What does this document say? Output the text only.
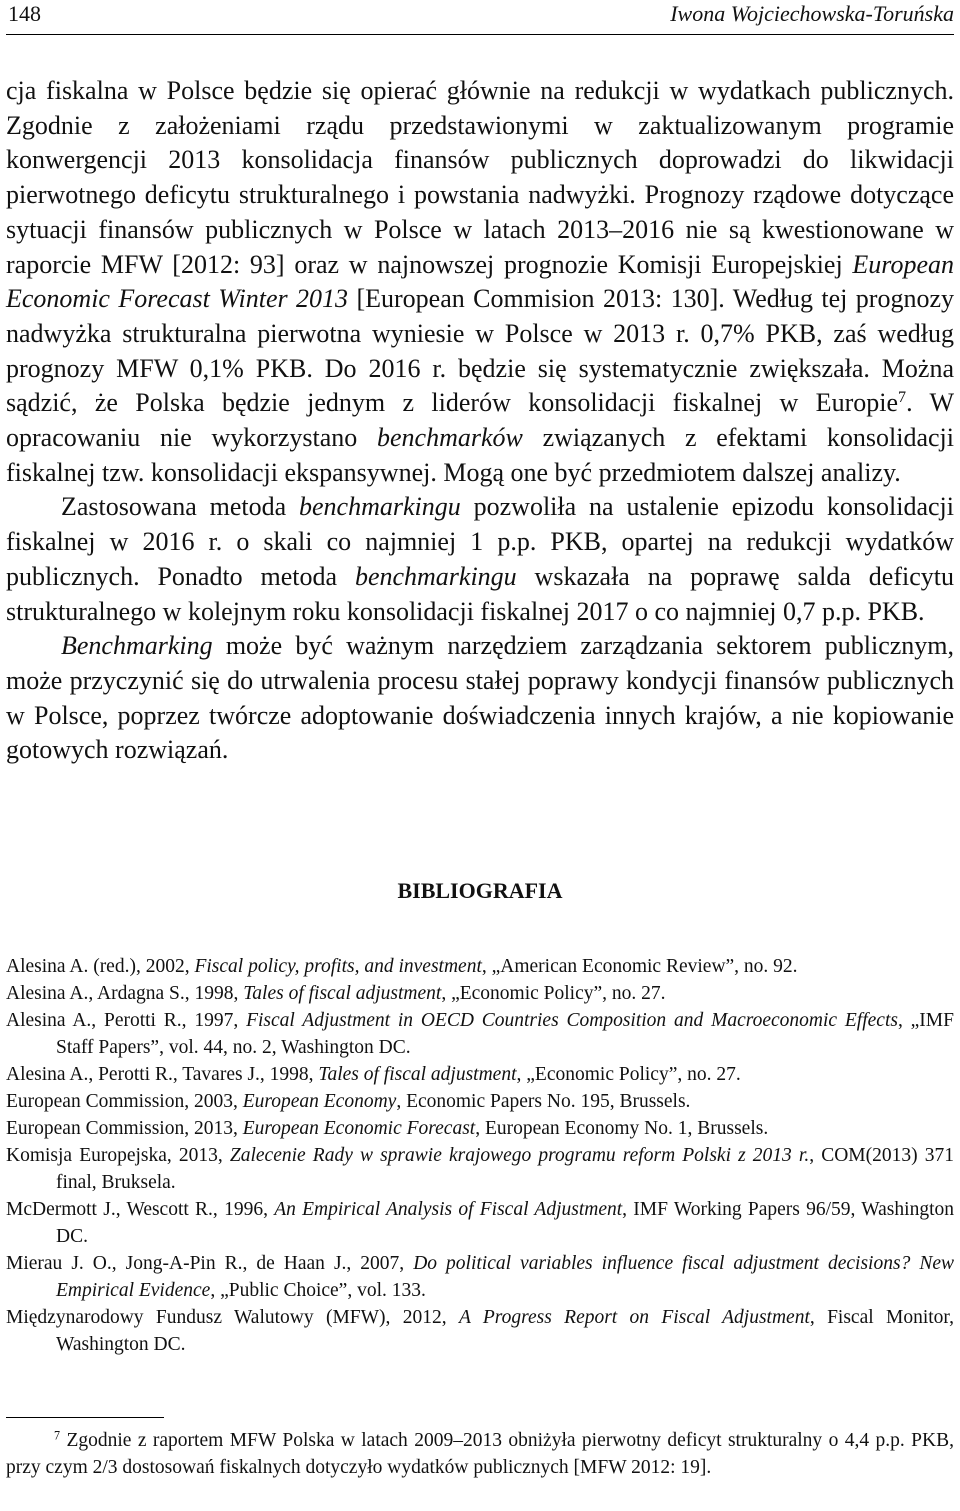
148	Iwona Wojciechowska-Toruńska

cja fiskalna w Polsce będzie się opierać głównie na redukcji w wydatkach publicznych. Zgodnie z założeniami rządu przedstawionymi w zaktualizowanym programie konwergencji 2013 konsolidacja finansów publicznych doprowadzi do likwidacji pierwotnego deficytu strukturalnego i powstania nadwyżki. Prognozy rządowe dotyczące sytuacji finansów publicznych w Polsce w latach 2013–2016 nie są kwestionowane w raporcie MFW [2012: 93] oraz w najnowszej prognozie Komisji Europejskiej European Economic Forecast Winter 2013 [European Commision 2013: 130]. Według tej prognozy nadwyżka strukturalna pierwotna wyniesie w Polsce w 2013 r. 0,7% PKB, zaś według prognozy MFW 0,1% PKB. Do 2016 r. będzie się systematycznie zwiększała. Można sądzić, że Polska będzie jednym z liderów konsolidacji fiskalnej w Europie$^7$. W opracowaniu nie wykorzystano benchmarków związanych z efektami konsolidacji fiskalnej tzw. konsolidacji ekspansywnej. Mogą one być przedmiotem dalszej analizy.

Zastosowana metoda benchmarkingu pozwoliła na ustalenie epizodu konsolidacji fiskalnej w 2016 r. o skali co najmniej 1 p.p. PKB, opartej na redukcji wydatków publicznych. Ponadto metoda benchmarkingu wskazała na poprawę salda deficytu strukturalnego w kolejnym roku konsolidacji fiskalnej 2017 o co najmniej 0,7 p.p. PKB.

Benchmarking może być ważnym narzędziem zarządzania sektorem publicznym, może przyczynić się do utrwalenia procesu stałej poprawy kondycji finansów publicznych w Polsce, poprzez twórcze adoptowanie doświadczenia innych krajów, a nie kopiowanie gotowych rozwiązań.

BIBLIOGRAFIA

Alesina A. (red.), 2002, Fiscal policy, profits, and investment, „American Economic Review”, no. 92.

Alesina A., Ardagna S., 1998, Tales of fiscal adjustment, „Economic Policy”, no. 27.

Alesina A., Perotti R., 1997, Fiscal Adjustment in OECD Countries Composition and Macroeconomic Effects, „IMF Staff Papers”, vol. 44, no. 2, Washington DC.

Alesina A., Perotti R., Tavares J., 1998, Tales of fiscal adjustment, „Economic Policy”, no. 27.

European Commission, 2003, European Economy, Economic Papers No. 195, Brussels.

European Commission, 2013, European Economic Forecast, European Economy No. 1, Brussels.

Komisja Europejska, 2013, Zalecenie Rady w sprawie krajowego programu reform Polski z 2013 r., COM(2013) 371 final, Bruksela.

McDermott J., Wescott R., 1996, An Empirical Analysis of Fiscal Adjustment, IMF Working Papers 96/59, Washington DC.

Mierau J. O., Jong-A-Pin R., de Haan J., 2007, Do political variables influence fiscal adjustment decisions? New Empirical Evidence, „Public Choice”, vol. 133.

Międzynarodowy Fundusz Walutowy (MFW), 2012, A Progress Report on Fiscal Adjustment, Fiscal Monitor, Washington DC.

$^7$ Zgodnie z raportem MFW Polska w latach 2009–2013 obniżyła pierwotny deficyt strukturalny o 4,4 p.p. PKB, przy czym 2/3 dostosowań fiskalnych dotyczyło wydatków publicznych [MFW 2012: 19].
